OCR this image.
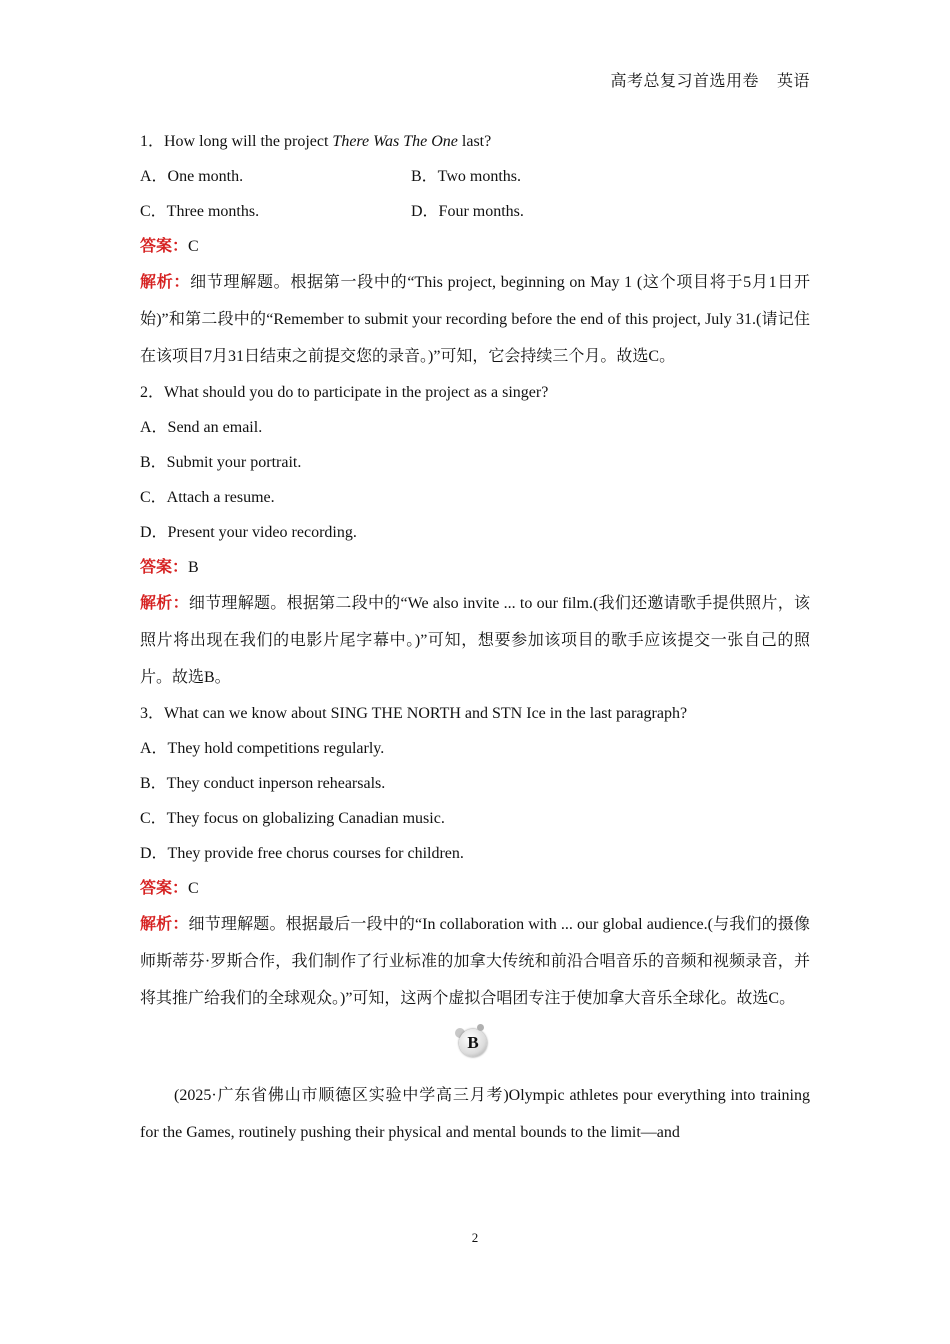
高考总复习首选用卷 英语

1．How long will the project There Was The One last?

A．One month.	B．Two months.
C．Three months.	D．Four months.

答案：C

解析：细节理解题。根据第一段中的“This project, beginning on May 1 (这个项目将于5月1日开始)”和第二段中的“Remember to submit your recording before the end of this project, July 31.(请记住在该项目7月31日结束之前提交您的录音。)”可知，它会持续三个月。故选C。

2．What should you do to participate in the project as a singer?

A．Send an email.

B．Submit your portrait.

C．Attach a resume.

D．Present your video recording.

答案：B

解析：细节理解题。根据第二段中的“We also invite ... to our film.(我们还邀请歌手提供照片，该照片将出现在我们的电影片尾字幕中。)”可知，想要参加该项目的歌手应该提交一张自己的照片。故选B。

3．What can we know about SING THE NORTH and STN Ice in the last paragraph?

A．They hold competitions regularly.

B．They conduct inperson rehearsals.

C．They focus on globalizing Canadian music.

D．They provide free chorus courses for children.

答案：C

解析：细节理解题。根据最后一段中的“In collaboration with ... our global audience.(与我们的摄像师斯蒂芬·罗斯合作，我们制作了行业标准的加拿大传统和前沿合唱音乐的音频和视频录音，并将其推广给我们的全球观众。)”可知，这两个虚拟合唱团专注于使加拿大音乐全球化。故选C。

B

(2025·广东省佛山市顺德区实验中学高三月考)Olympic athletes pour everything into training for the Games, routinely pushing their physical and mental bounds to the limit—and

2
